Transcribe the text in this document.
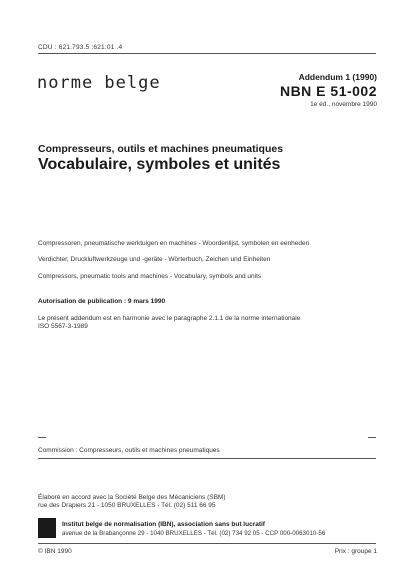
CDU : 621.793.5 :621.01 .4
norme belge	Addendum 1 (1990)
NBN E 51-002
1e éd., novembre 1990
Compresseurs, outils et machines pneumatiques
Vocabulaire, symboles et unités
Compressoren, pneumatische werktuigen en machines - Woordenlijst, symbolen en eenheden
Verdichter, Druckluftwerkzeuge und -geräte - Wörterbuch, Zeichen und Einheiten
Compressors, pneumatic tools and machines - Vocabulary, symbols and units
Autorisation de publication : 9 mars 1990
Le présent addendum est en harmonie avec le paragraphe 2.1.1 de la norme internationale
ISO 5567-3-1989
Commission : Compresseurs, outils et machines pneumatiques
Élaboré en accord avec la Société Belge des Mécaniciens (SBM)
rue des Drapiers 21 - 1050 BRUXELLES - Tél. (02) 511 66 95
Institut belge de normalisation (IBN), association sans but lucratif
avenue de la Brabançonne 29 - 1040 BRUXELLES - Tél. (02) 734 92 05 - CCP 000-0063010-56
© IBN 1990	Prix : groupe 1
